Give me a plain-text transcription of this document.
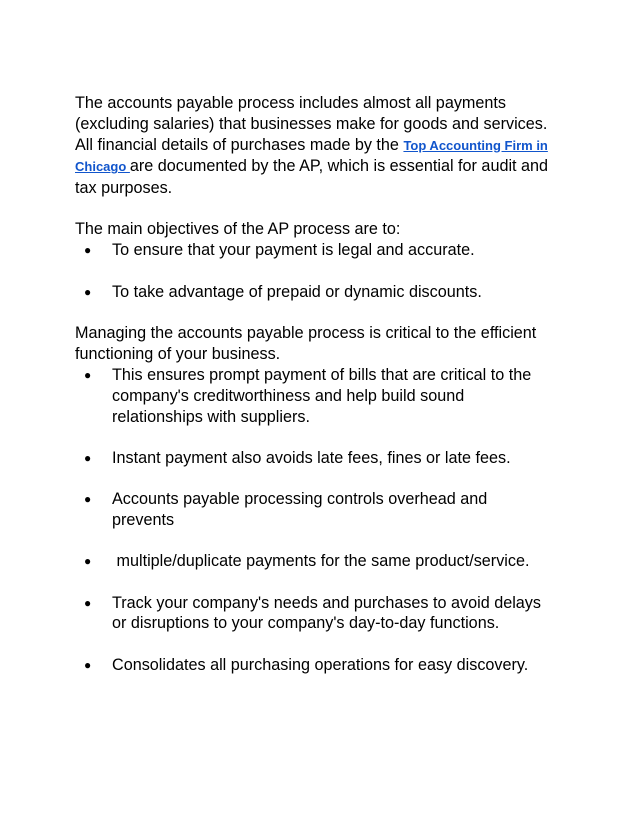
The accounts payable process includes almost all payments (excluding salaries) that businesses make for goods and services. All financial details of purchases made by the Top Accounting Firm in Chicago are documented by the AP, which is essential for audit and tax purposes.

The main objectives of the AP process are to:

● To ensure that your payment is legal and accurate.
● To take advantage of prepaid or dynamic discounts.

Managing the accounts payable process is critical to the efficient functioning of your business.

● This ensures prompt payment of bills that are critical to the company's creditworthiness and help build sound relationships with suppliers.
● Instant payment also avoids late fees, fines or late fees.
● Accounts payable processing controls overhead and prevents
● multiple/duplicate payments for the same product/service.
● Track your company's needs and purchases to avoid delays or disruptions to your company's day-to-day functions.
● Consolidates all purchasing operations for easy discovery.
